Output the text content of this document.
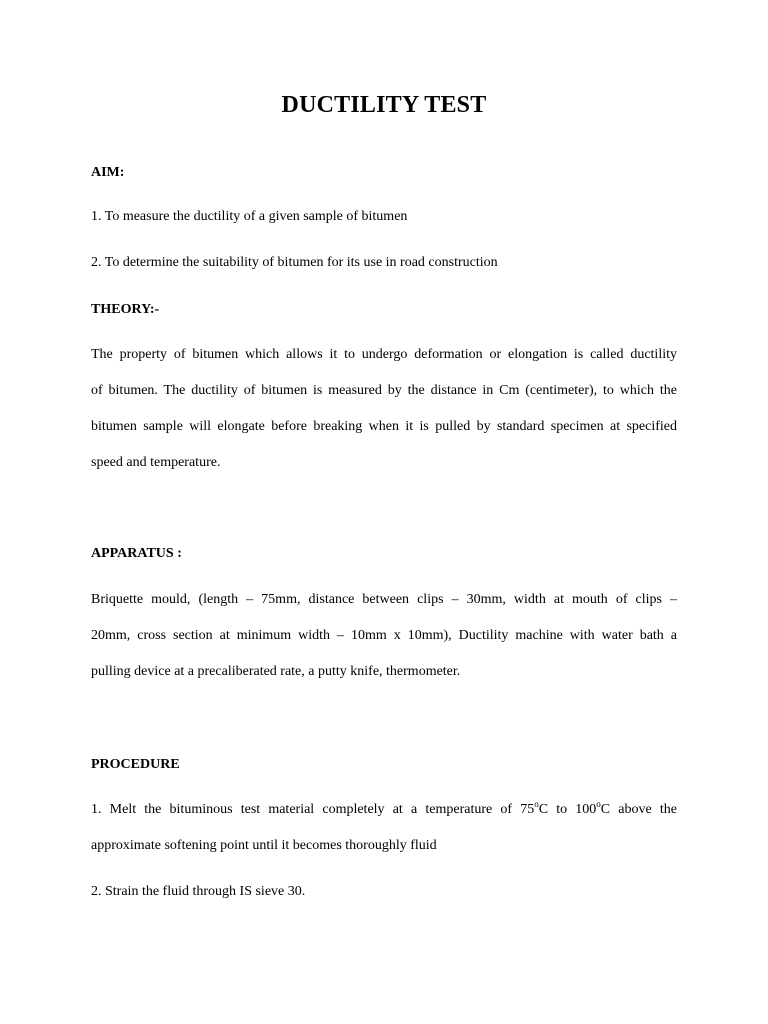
DUCTILITY TEST
AIM:
1. To measure the ductility of a given sample of bitumen
2. To determine the suitability of bitumen for its use in road construction
THEORY:-
The property of bitumen which allows it to undergo deformation or elongation is called ductility
of bitumen. The ductility of bitumen is measured by the distance in Cm (centimeter), to which the
bitumen sample will elongate before breaking when it is pulled by standard specimen at specified
speed and temperature.
APPARATUS :
Briquette mould, (length – 75mm, distance between clips – 30mm, width at mouth of clips –
20mm, cross section at minimum width – 10mm x 10mm), Ductility machine with water bath a
pulling device at a precaliberated rate, a putty knife, thermometer.
PROCEDURE
1. Melt the bituminous test material completely at a temperature of 75$^o$C to 100$^o$C above the
approximate softening point until it becomes thoroughly fluid
2. Strain the fluid through IS sieve 30.
